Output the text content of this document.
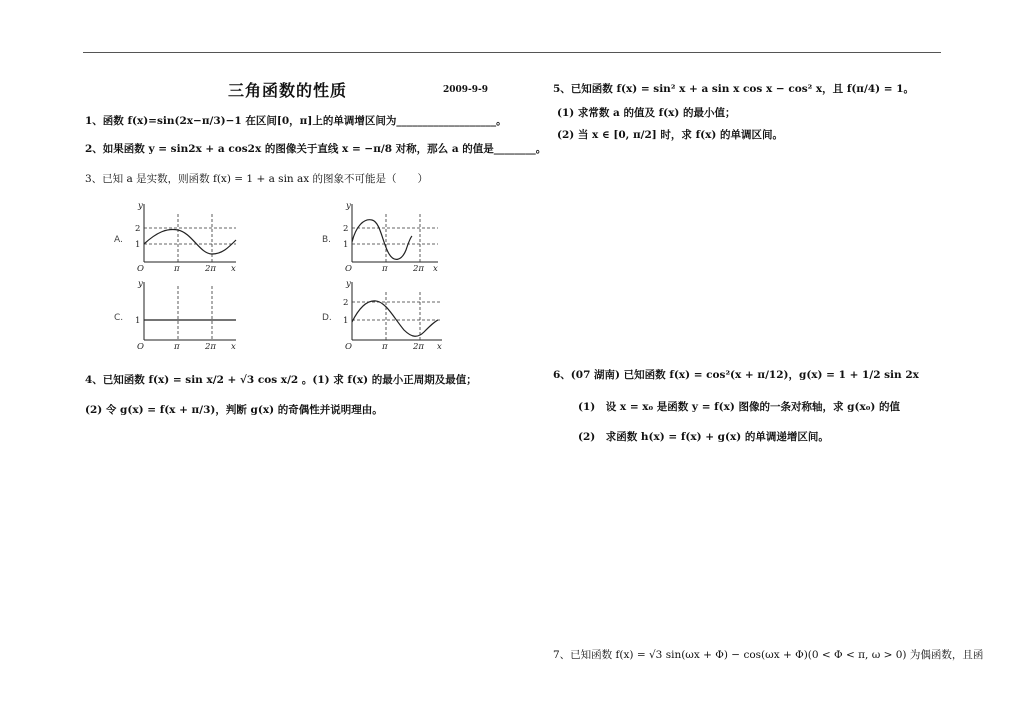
三角函数的性质	2009-9-9
1、函数 f(x)=sin(2x−π/3)−1 在区间[0，π]上的单调增区间为___________________。
2、如果函数 y = sin2x + a cos2x 的图像关于直线 x = −π/8 对称，那么 a 的值是________。
3、已知 a 是实数，则函数 f(x) = 1 + a sin ax 的图象不可能是（　　）
A.
y
2
1
O	π	2π x
B.
y
2
1
O	π	2π x
C.
y
1
O	π	2π x
D.
y
2
1
O	π	2π x
4、已知函数 f(x) = sin x/2 + √3 cos x/2 。(1) 求 f(x) 的最小正周期及最值；
(2) 令 g(x) = f(x + π/3)，判断 g(x) 的奇偶性并说明理由。
5、已知函数 f(x) = sin² x + a sin x cos x − cos² x，且 f(π/4) = 1。
(1) 求常数 a 的值及 f(x) 的最小值；
(2) 当 x ∈ [0, π/2] 时，求 f(x) 的单调区间。
6、(07 湖南) 已知函数 f(x) = cos²(x + π/12)，g(x) = 1 + 1/2 sin 2x
(1)　设 x = x₀ 是函数 y = f(x) 图像的一条对称轴，求 g(x₀) 的值
(2)　求函数 h(x) = f(x) + g(x) 的单调递增区间。
7、已知函数 f(x) = √3 sin(ωx + Φ) − cos(ωx + Φ)(0 < Φ < π, ω > 0) 为偶函数，且函
